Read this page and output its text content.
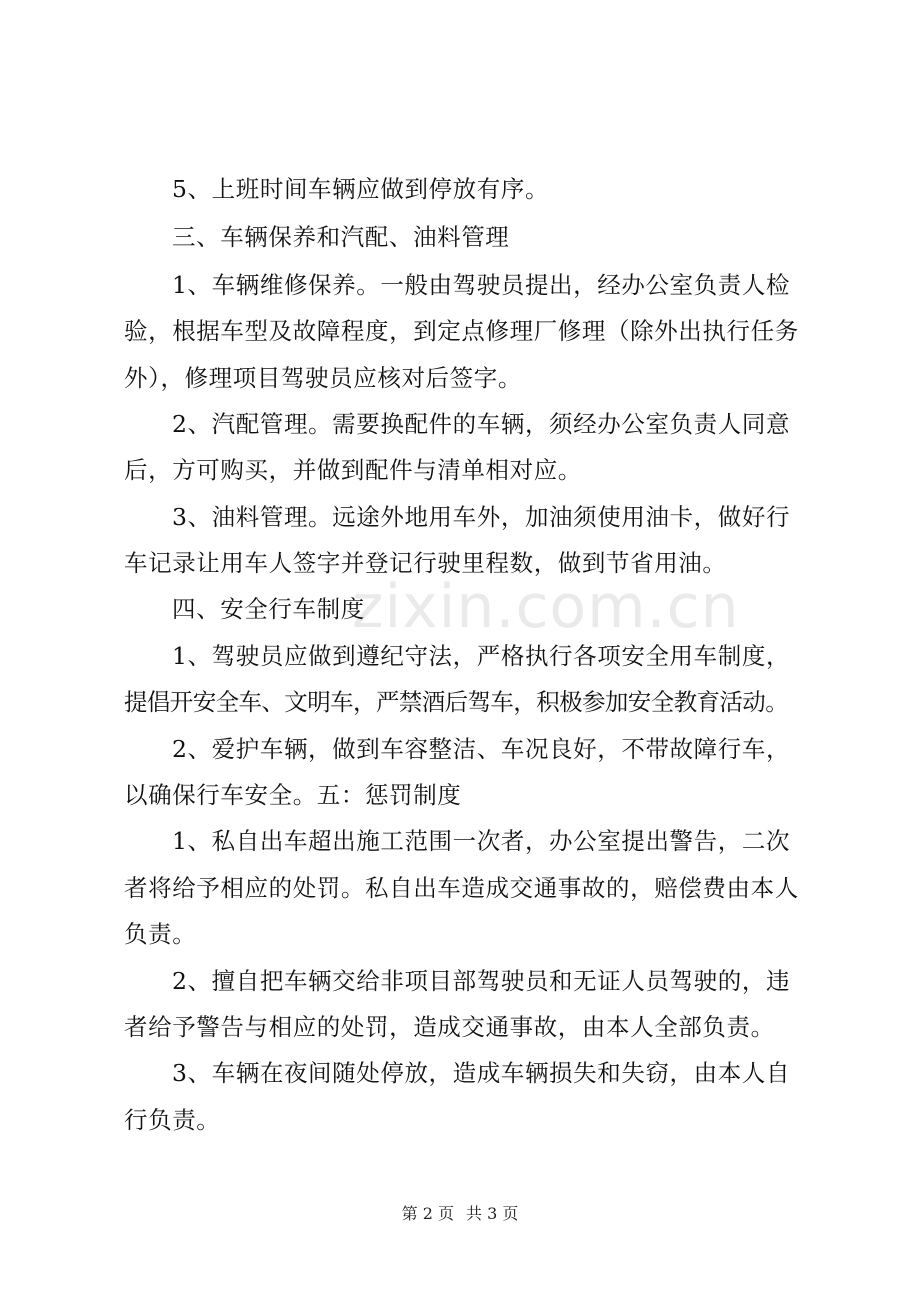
zixin.com.cn
5、上班时间车辆应做到停放有序。
三、车辆保养和汽配、油料管理
1、车辆维修保养。一般由驾驶员提出，经办公室负责人检
验，根据车型及故障程度，到定点修理厂修理（除外出执行任务
外），修理项目驾驶员应核对后签字。
2、汽配管理。需要换配件的车辆，须经办公室负责人同意
后，方可购买，并做到配件与清单相对应。
3、油料管理。远途外地用车外，加油须使用油卡，做好行
车记录让用车人签字并登记行驶里程数，做到节省用油。
四、安全行车制度
1、驾驶员应做到遵纪守法，严格执行各项安全用车制度，
提倡开安全车、文明车，严禁酒后驾车，积极参加安全教育活动。
2、爱护车辆，做到车容整洁、车况良好，不带故障行车，
以确保行车安全。五：惩罚制度
1、私自出车超出施工范围一次者，办公室提出警告，二次
者将给予相应的处罚。私自出车造成交通事故的，赔偿费由本人
负责。
2、擅自把车辆交给非项目部驾驶员和无证人员驾驶的，违
者给予警告与相应的处罚，造成交通事故，由本人全部负责。
3、车辆在夜间随处停放，造成车辆损失和失窃，由本人自
行负责。
第 2 页 共 3 页
